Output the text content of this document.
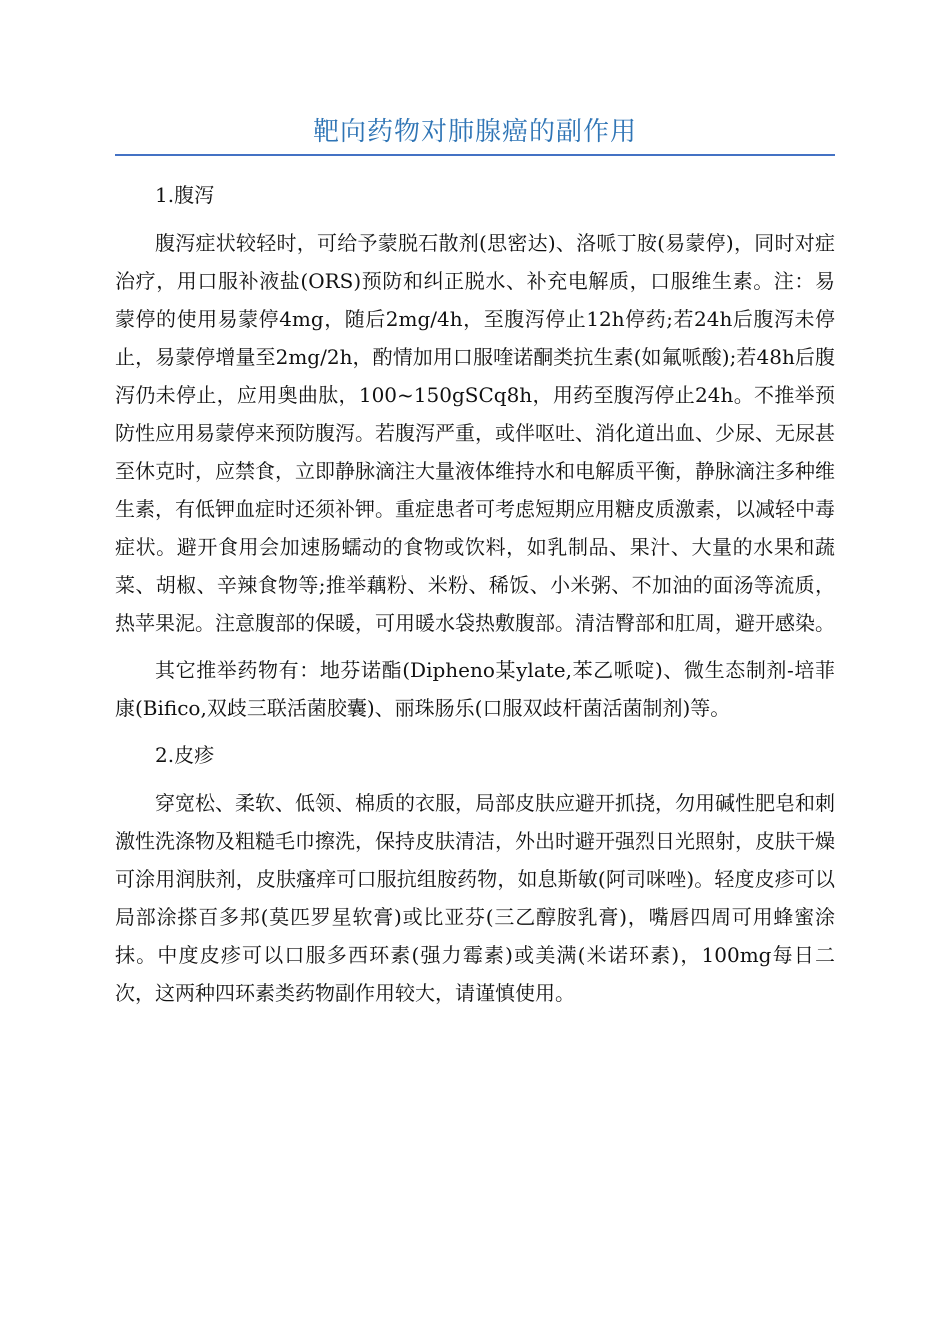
靶向药物对肺腺癌的副作用

1.腹泻

腹泻症状较轻时，可给予蒙脱石散剂(思密达)、洛哌丁胺(易蒙停)，同时对症治疗，用口服补液盐(ORS)预防和纠正脱水、补充电解质，口服维生素。注：易蒙停的使用易蒙停4mg，随后2mg/4h，至腹泻停止12h停药;若24h后腹泻未停止，易蒙停增量至2mg/2h，酌情加用口服喹诺酮类抗生素(如氟哌酸);若48h后腹泻仍未停止，应用奥曲肽，100~150gSCq8h，用药至腹泻停止24h。不推举预防性应用易蒙停来预防腹泻。若腹泻严重，或伴呕吐、消化道出血、少尿、无尿甚至休克时，应禁食，立即静脉滴注大量液体维持水和电解质平衡，静脉滴注多种维生素，有低钾血症时还须补钾。重症患者可考虑短期应用糖皮质激素，以减轻中毒症状。避开食用会加速肠蠕动的食物或饮料，如乳制品、果汁、大量的水果和蔬菜、胡椒、辛辣食物等;推举藕粉、米粉、稀饭、小米粥、不加油的面汤等流质，热苹果泥。注意腹部的保暖，可用暖水袋热敷腹部。清洁臀部和肛周，避开感染。

其它推举药物有：地芬诺酯(Dipheno某ylate,苯乙哌啶)、微生态制剂-培菲康(Bifico,双歧三联活菌胶囊)、丽珠肠乐(口服双歧杆菌活菌制剂)等。

2.皮疹

穿宽松、柔软、低领、棉质的衣服，局部皮肤应避开抓挠，勿用碱性肥皂和刺激性洗涤物及粗糙毛巾擦洗，保持皮肤清洁，外出时避开强烈日光照射，皮肤干燥可涂用润肤剂，皮肤瘙痒可口服抗组胺药物，如息斯敏(阿司咪唑)。轻度皮疹可以局部涂搽百多邦(莫匹罗星软膏)或比亚芬(三乙醇胺乳膏)，嘴唇四周可用蜂蜜涂抹。中度皮疹可以口服多西环素(强力霉素)或美满(米诺环素)，100mg每日二次，这两种四环素类药物副作用较大，请谨慎使用。
